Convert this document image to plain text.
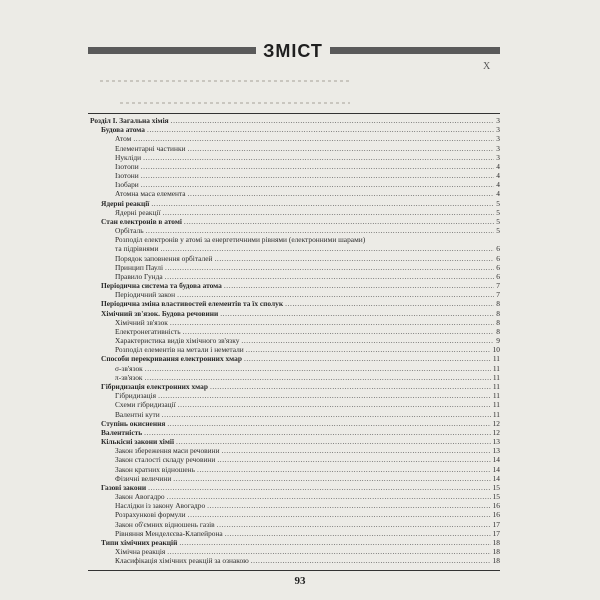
ЗМІСТ
Х
Розділ І. Загальна хімія .....	3
Будова атома .....	3
Атом .....	3
Елементарні частинки .....	3
Нукліди .....	3
Ізотопи .....	4
Ізотони .....	4
Ізобари .....	4
Атомна маса елемента .....	4
Ядерні реакції .....	5
Ядерні реакції .....	5
Стан електронів в атомі .....	5
Орбіталь .....	5
Розподіл електронів у атомі за енергетичними рівнями (електронними шарами)
та підрівнями .....	6
Порядок заповнення орбіталей .....	6
Принцип Паулі .....	6
Правило Гунда .....	6
Періодична система та будова атома .....	7
Періодичний закон .....	7
Періодична зміна властивостей елементів та їх сполук .....	8
Хімічний зв'язок. Будова речовини .....	8
Хімічний зв'язок .....	8
Електронегативність .....	8
Характеристика видів хімічного зв'язку .....	9
Розподіл елементів на метали і неметали .....	10
Способи перекривання електронних хмар .....	11
σ-зв'язок .....	11
π-зв'язок .....	11
Гібридизація електронних хмар .....	11
Гібридизація .....	11
Схеми гібридизації .....	11
Валентні кути .....	11
Ступінь окиснення .....	12
Валентність .....	12
Кількісні закони хімії .....	13
Закон збереження маси речовини .....	13
Закон сталості складу речовини .....	14
Закон кратних відношень .....	14
Фізичні величини .....	14
Газові закони .....	15
Закон Авогадро .....	15
Наслідки із закону Авогадро .....	16
Розрахункові формули .....	16
Закон об'ємних відношень газів .....	17
Рівняння Менделєєва-Клапейрона .....	17
Типи хімічних реакцій .....	18
Хімічна реакція .....	18
Класифікація хімічних реакцій за ознакою .....	18
93
